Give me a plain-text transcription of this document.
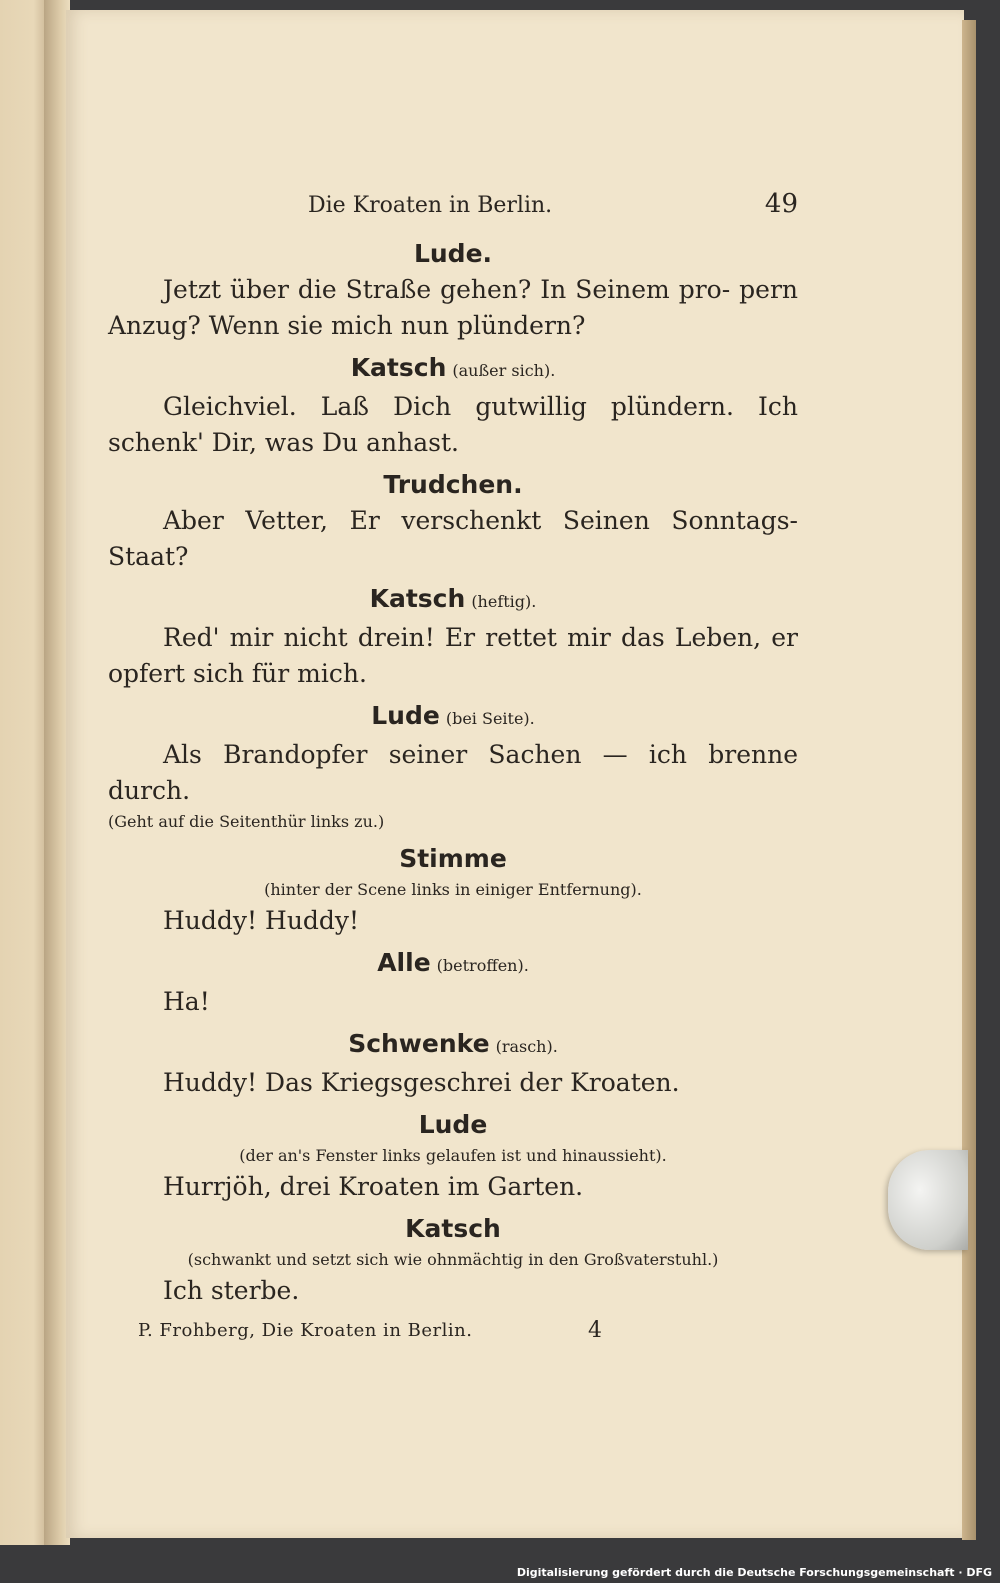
Die Kroaten in Berlin.	49
Lude.

Jetzt über die Straße gehen? In Seinem pro- pern Anzug? Wenn sie mich nun plündern?

Katsch (außer sich).

Gleichviel. Laß Dich gutwillig plündern. Ich schenk' Dir, was Du anhast.

Trudchen.

Aber Vetter, Er verschenkt Seinen Sonntags- Staat?

Katsch (heftig).

Red' mir nicht drein! Er rettet mir das Leben, er opfert sich für mich.

Lude (bei Seite).

Als Brandopfer seiner Sachen — ich brenne durch.

(Geht auf die Seitenthür links zu.)

Stimme
(hinter der Scene links in einiger Entfernung).

Huddy! Huddy!

Alle (betroffen).

Ha!

Schwenke (rasch).

Huddy! Das Kriegsgeschrei der Kroaten.

Lude
(der an's Fenster links gelaufen ist und hinaussieht).

Hurrjöh, drei Kroaten im Garten.

Katsch
(schwankt und setzt sich wie ohnmächtig in den Großvaterstuhl.)

Ich sterbe.

P. Frohberg, Die Kroaten in Berlin.	4
Digitalisierung gefördert durch die Deutsche Forschungsgemeinschaft · DFG
